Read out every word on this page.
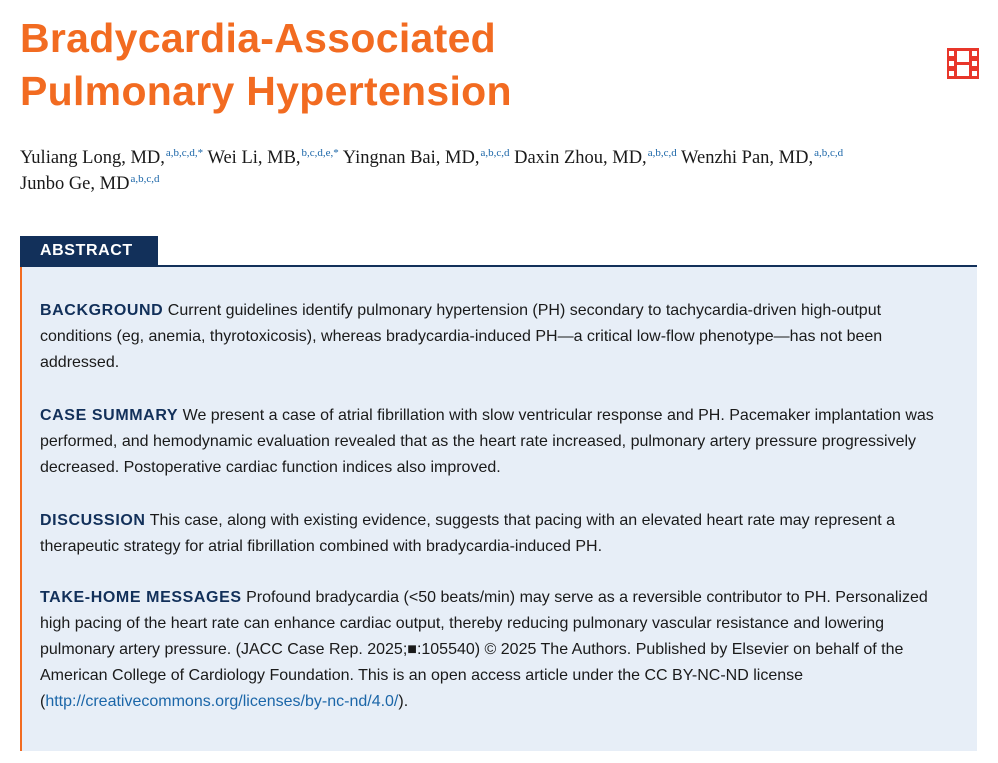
Bradycardia-Associated
Pulmonary Hypertension
Yuliang Long, MD,$^{a,b,c,d,*}$ Wei Li, MB,$^{b,c,d,e,*}$ Yingnan Bai, MD,$^{a,b,c,d}$ Daxin Zhou, MD,$^{a,b,c,d}$ Wenzhi Pan, MD,$^{a,b,c,d}$
Junbo Ge, MD$^{a,b,c,d}$
ABSTRACT

BACKGROUND Current guidelines identify pulmonary hypertension (PH) secondary to tachycardia-driven high-output conditions (eg, anemia, thyrotoxicosis), whereas bradycardia-induced PH—a critical low-flow phenotype—has not been addressed.

CASE SUMMARY We present a case of atrial fibrillation with slow ventricular response and PH. Pacemaker implantation was performed, and hemodynamic evaluation revealed that as the heart rate increased, pulmonary artery pressure progressively decreased. Postoperative cardiac function indices also improved.

DISCUSSION This case, along with existing evidence, suggests that pacing with an elevated heart rate may represent a therapeutic strategy for atrial fibrillation combined with bradycardia-induced PH.

TAKE-HOME MESSAGES Profound bradycardia (<50 beats/min) may serve as a reversible contributor to PH. Personalized high pacing of the heart rate can enhance cardiac output, thereby reducing pulmonary vascular resistance and lowering pulmonary artery pressure. (JACC Case Rep. 2025;■:105540) © 2025 The Authors. Published by Elsevier on behalf of the American College of Cardiology Foundation. This is an open access article under the CC BY-NC-ND license (http://creativecommons.org/licenses/by-nc-nd/4.0/).
